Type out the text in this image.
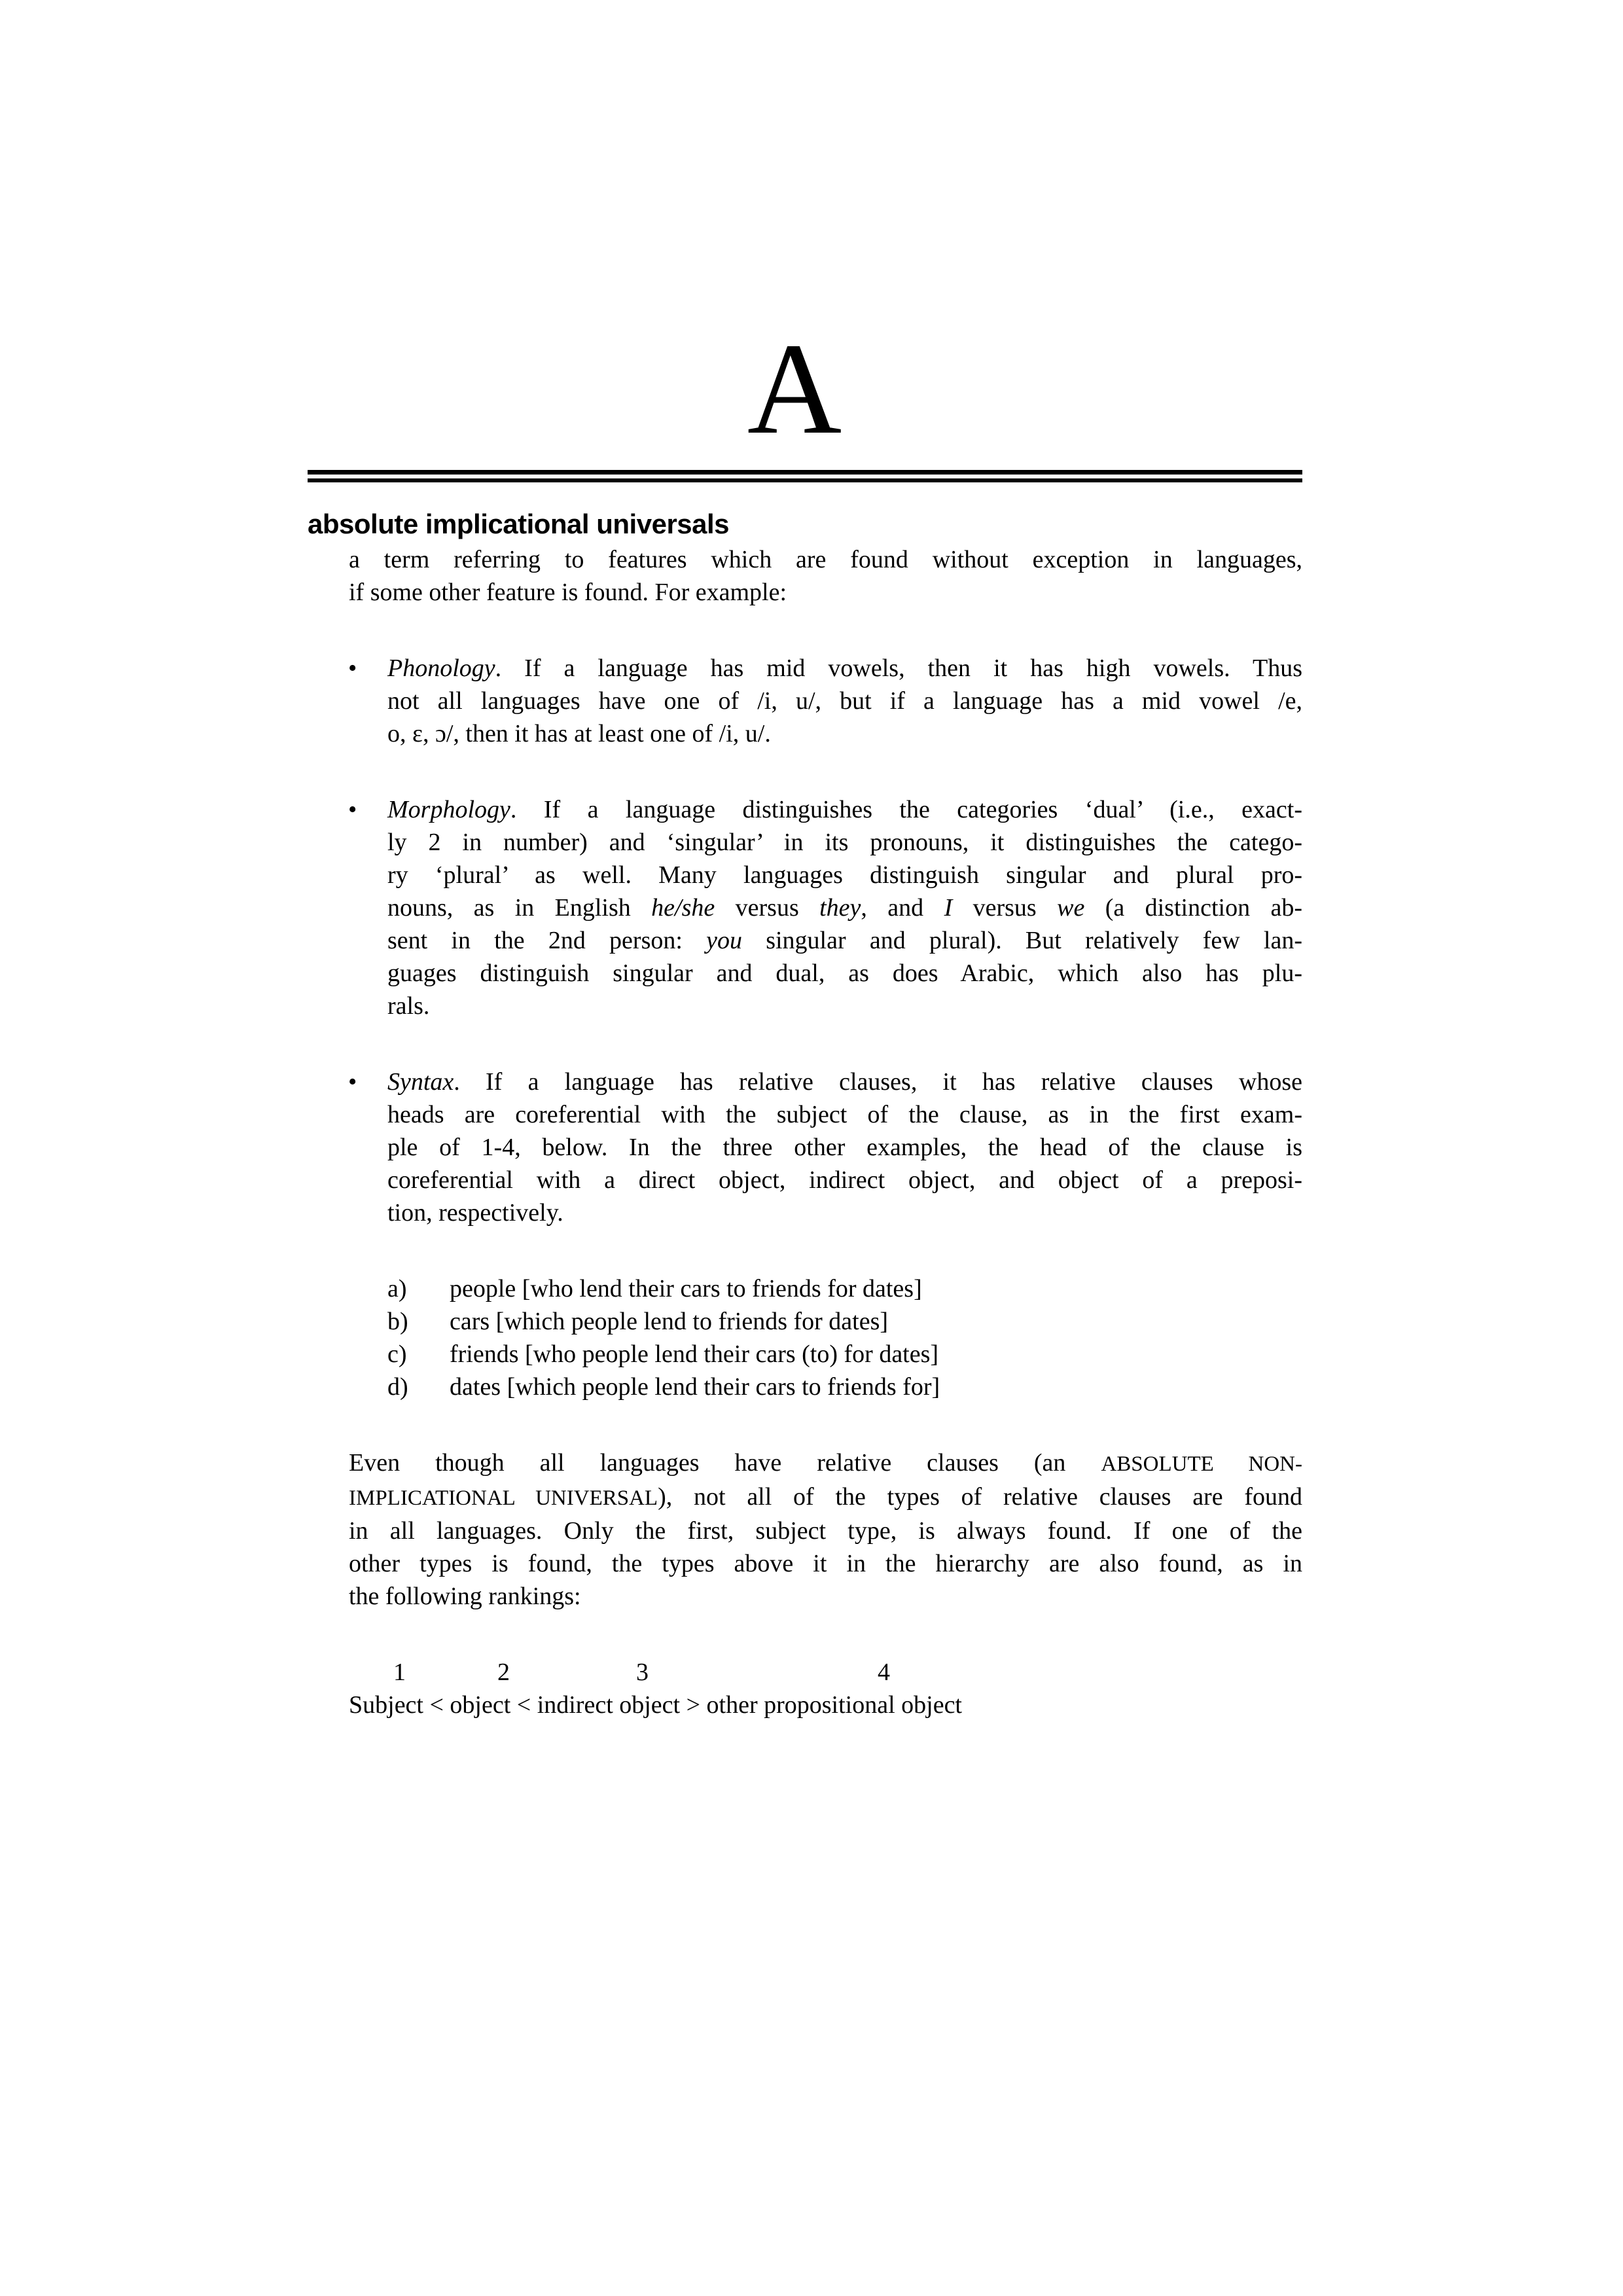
A
absolute implicational universals
a term referring to features which are found without exception in languages,
if some other feature is found. For example:
• Phonology. If a language has mid vowels, then it has high vowels. Thus
not all languages have one of /i, u/, but if a language has a mid vowel /e,
o, ɛ, ɔ/, then it has at least one of /i, u/.
• Morphology. If a language distinguishes the categories ‘dual’ (i.e., exact-
ly 2 in number) and ‘singular’ in its pronouns, it distinguishes the catego-
ry ‘plural’ as well. Many languages distinguish singular and plural pro-
nouns, as in English he/she versus they, and I versus we (a distinction ab-
sent in the 2nd person: you singular and plural). But relatively few lan-
guages distinguish singular and dual, as does Arabic, which also has plu-
rals.
• Syntax. If a language has relative clauses, it has relative clauses whose
heads are coreferential with the subject of the clause, as in the first exam-
ple of 1-4, below. In the three other examples, the head of the clause is
coreferential with a direct object, indirect object, and object of a preposi-
tion, respectively.
a) people [who lend their cars to friends for dates]
b) cars [which people lend to friends for dates]
c) friends [who people lend their cars (to) for dates]
d) dates [which people lend their cars to friends for]
Even though all languages have relative clauses (an ABSOLUTE NON-
IMPLICATIONAL UNIVERSAL), not all of the types of relative clauses are found
in all languages. Only the first, subject type, is always found. If one of the
other types is found, the types above it in the hierarchy are also found, as in
the following rankings:
1	2	3	4
Subject < object < indirect object > other propositional object
